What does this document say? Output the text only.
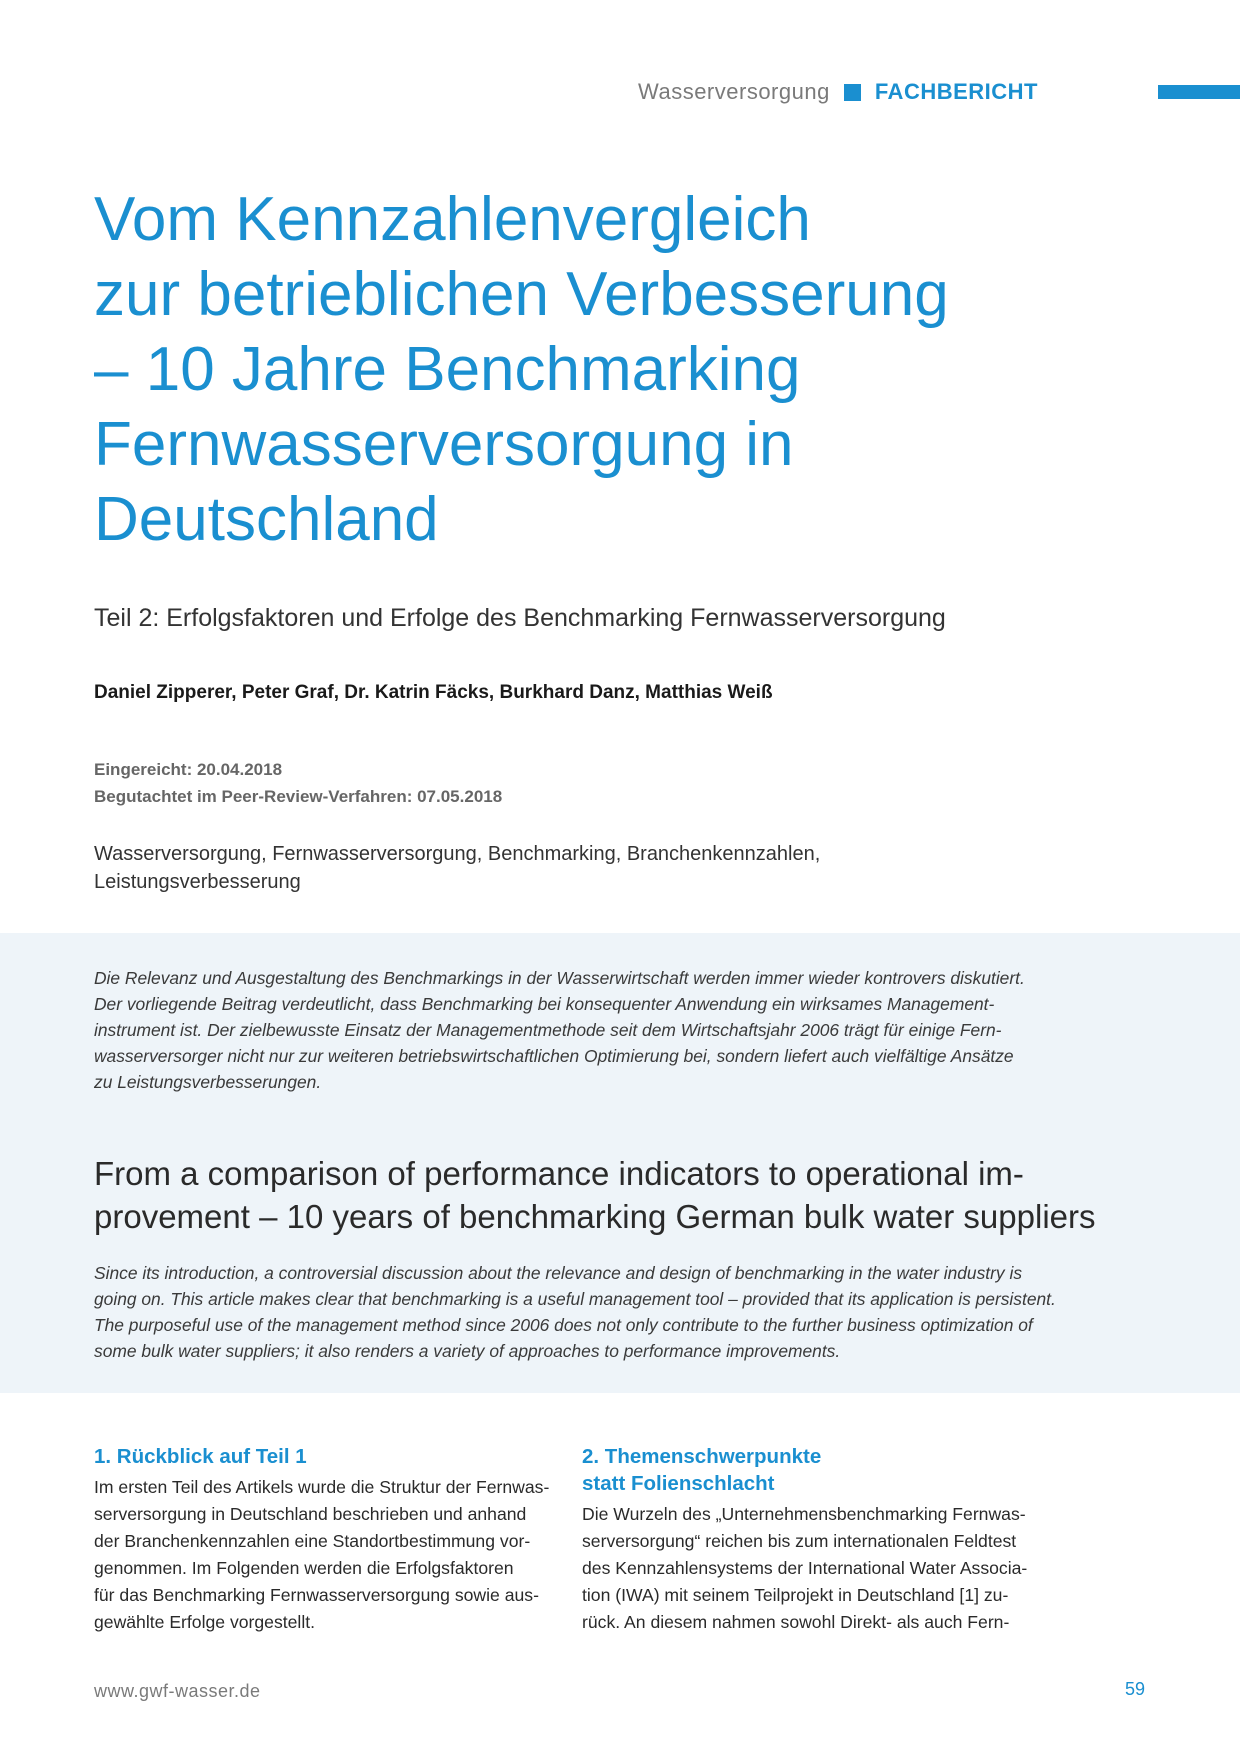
Wasserversorgung FACHBERICHT
Vom Kennzahlenvergleich
zur betrieblichen Verbesserung
– 10 Jahre Benchmarking
Fernwasserversorgung in
Deutschland
Teil 2: Erfolgsfaktoren und Erfolge des Benchmarking Fernwasserversorgung
Daniel Zipperer, Peter Graf, Dr. Katrin Fäcks, Burkhard Danz, Matthias Weiß
Eingereicht: 20.04.2018
Begutachtet im Peer-Review-Verfahren: 07.05.2018
Wasserversorgung, Fernwasserversorgung, Benchmarking, Branchenkennzahlen,
Leistungsverbesserung

Die Relevanz und Ausgestaltung des Benchmarkings in der Wasserwirtschaft werden immer wieder kontrovers diskutiert.
Der vorliegende Beitrag verdeutlicht, dass Benchmarking bei konsequenter Anwendung ein wirksames Management-
instrument ist. Der zielbewusste Einsatz der Managementmethode seit dem Wirtschaftsjahr 2006 trägt für einige Fern-
wasserversorger nicht nur zur weiteren betriebswirtschaftlichen Optimierung bei, sondern liefert auch vielfältige Ansätze
zu Leistungsverbesserungen.

From a comparison of performance indicators to operational im-
provement – 10 years of benchmarking German bulk water suppliers

Since its introduction, a controversial discussion about the relevance and design of benchmarking in the water industry is
going on. This article makes clear that benchmarking is a useful management tool – provided that its application is persistent.
The purposeful use of the management method since 2006 does not only contribute to the further business optimization of
some bulk water suppliers; it also renders a variety of approaches to performance improvements.

1. Rückblick auf Teil 1

Im ersten Teil des Artikels wurde die Struktur der Fernwas-
serversorgung in Deutschland beschrieben und anhand
der Branchenkennzahlen eine Standortbestimmung vor-
genommen. Im Folgenden werden die Erfolgsfaktoren
für das Benchmarking Fernwasserversorgung sowie aus-
gewählte Erfolge vorgestellt.

2. Themenschwerpunkte
statt Folienschlacht

Die Wurzeln des „Unternehmensbenchmarking Fernwas-
serversorgung“ reichen bis zum internationalen Feldtest
des Kennzahlensystems der International Water Associa-
tion (IWA) mit seinem Teilprojekt in Deutschland [1] zu-
rück. An diesem nahmen sowohl Direkt- als auch Fern-

www.gwf-wasser.de	59
